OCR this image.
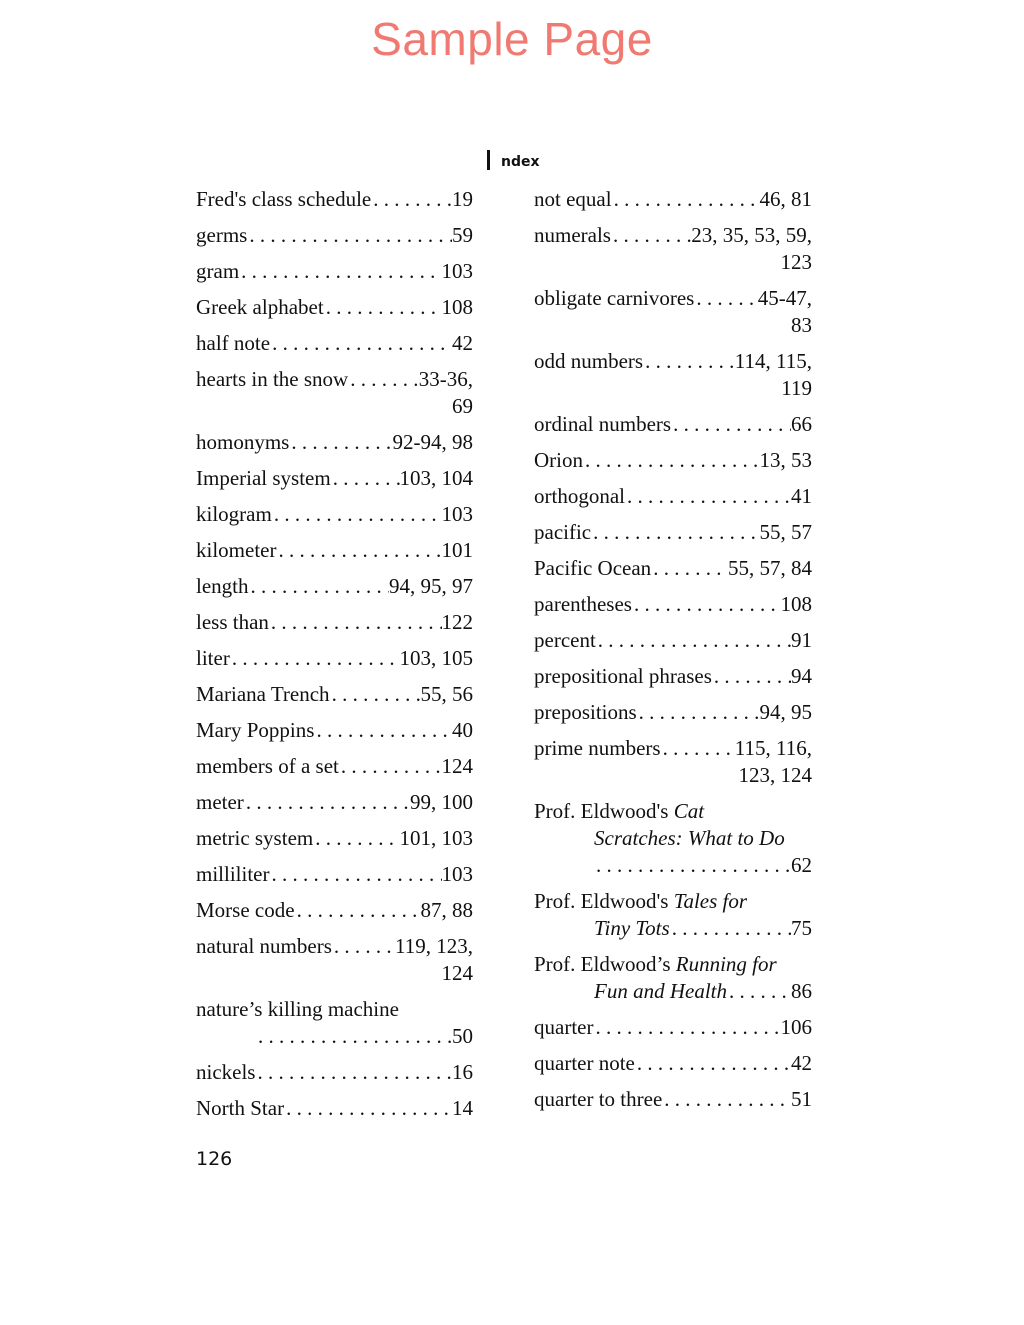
Sample Page
ndex
Fred's class schedule . . .	19
germs . . .	59
gram . . .	103
Greek alphabet . . .	108
half note . . .	42
hearts in the snow . . .	33-36,
69
homonyms . . .	92-94, 98
Imperial system . . .	103, 104
kilogram . . .	103
kilometer . . .	101
length . . .	94, 95, 97
less than . . .	122
liter . . .	103, 105
Mariana Trench . . .	55, 56
Mary Poppins . . .	40
members of a set . . .	124
meter . . .	99, 100
metric system . . .	101, 103
milliliter . . .	103
Morse code . . .	87, 88
natural numbers . . .	119, 123,
124
nature’s killing machine
. . .
50
nickels . . .	16
North Star . . .	14
not equal . . .	46, 81
numerals . . .	23, 35, 53, 59,
123
obligate carnivores . . .	45-47,
83
odd numbers . . .	114, 115,
119
ordinal numbers . . .	66
Orion . . .	13, 53
orthogonal . . .	41
pacific . . .	55, 57
Pacific Ocean . . .	55, 57, 84
parentheses . . .	108
percent . . .	91
prepositional phrases . . .	94
prepositions . . .	94, 95
prime numbers . . .	115, 116,
123, 124
Prof. Eldwood's Cat
Scratches: What to Do
. . .
62
Prof. Eldwood's Tales for
Tiny Tots . . .	75
Prof. Eldwood’s Running for
Fun and Health . . .	86
quarter . . .	106
quarter note . . .	42
quarter to three . . .	51
126
